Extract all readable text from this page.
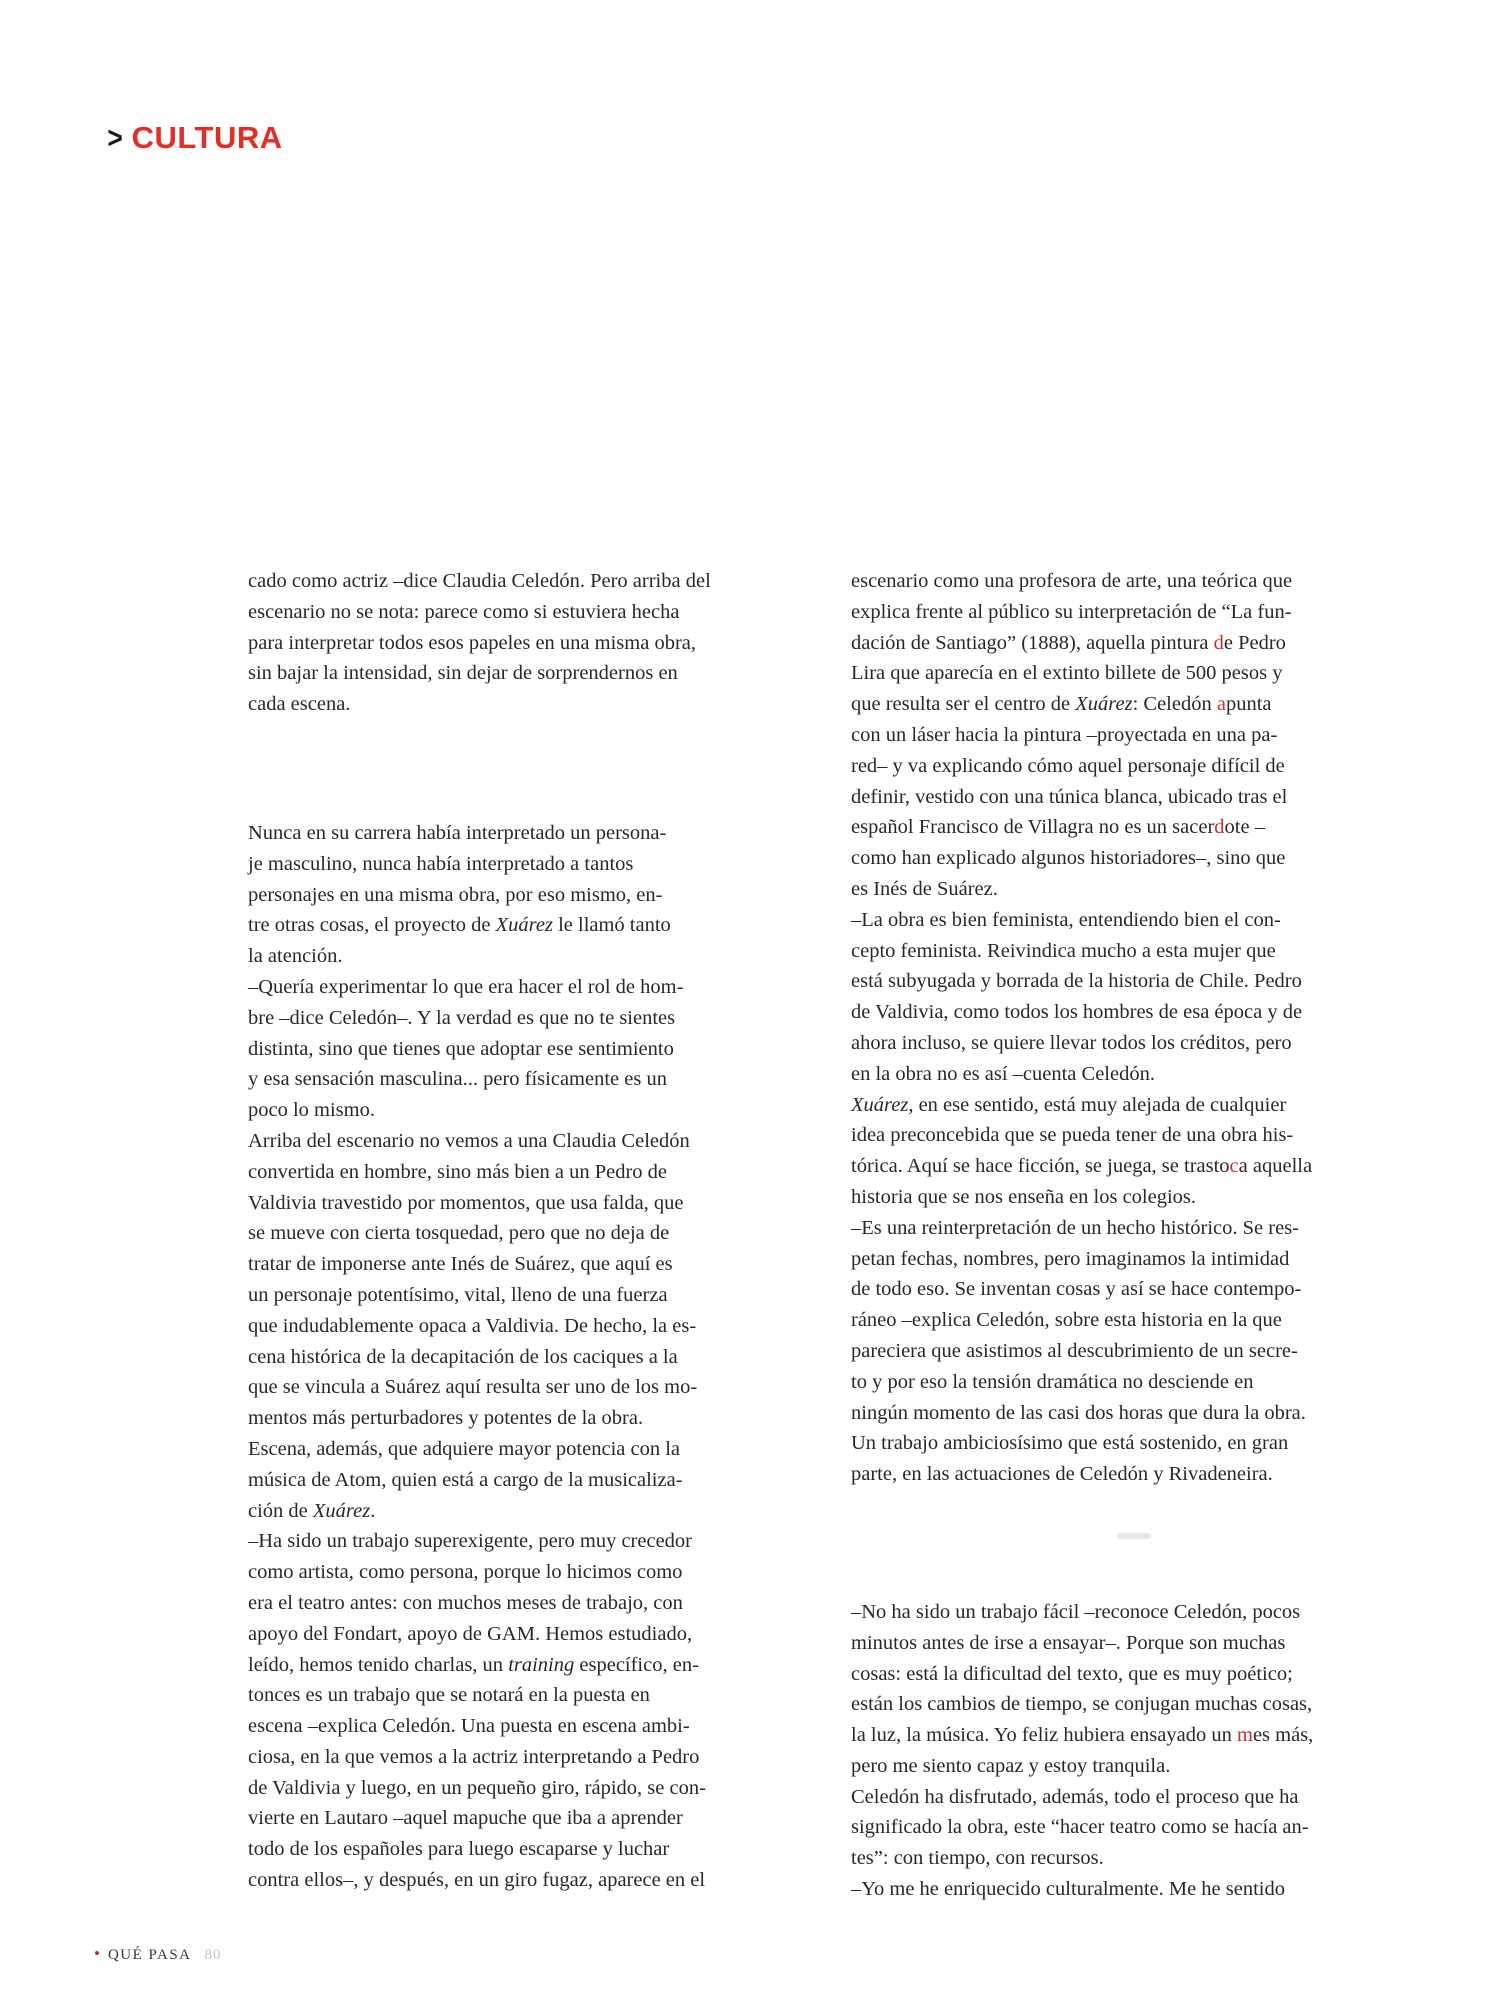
> CULTURA
cado como actriz –dice Claudia Celedón. Pero arriba del
escenario no se nota: parece como si estuviera hecha
para interpretar todos esos papeles en una misma obra,
sin bajar la intensidad, sin dejar de sorprendernos en
cada escena.
Nunca en su carrera había interpretado un persona-
je masculino, nunca había interpretado a tantos
personajes en una misma obra, por eso mismo, en-
tre otras cosas, el proyecto de Xuárez le llamó tanto
la atención.
–Quería experimentar lo que era hacer el rol de hom-
bre –dice Celedón–. Y la verdad es que no te sientes
distinta, sino que tienes que adoptar ese sentimiento
y esa sensación masculina... pero físicamente es un
poco lo mismo.
Arriba del escenario no vemos a una Claudia Celedón
convertida en hombre, sino más bien a un Pedro de
Valdivia travestido por momentos, que usa falda, que
se mueve con cierta tosquedad, pero que no deja de
tratar de imponerse ante Inés de Suárez, que aquí es
un personaje potentísimo, vital, lleno de una fuerza
que indudablemente opaca a Valdivia. De hecho, la es-
cena histórica de la decapitación de los caciques a la
que se vincula a Suárez aquí resulta ser uno de los mo-
mentos más perturbadores y potentes de la obra.
Escena, además, que adquiere mayor potencia con la
música de Atom, quien está a cargo de la musicaliza-
ción de Xuárez.
–Ha sido un trabajo superexigente, pero muy crecedor
como artista, como persona, porque lo hicimos como
era el teatro antes: con muchos meses de trabajo, con
apoyo del Fondart, apoyo de GAM. Hemos estudiado,
leído, hemos tenido charlas, un training específico, en-
tonces es un trabajo que se notará en la puesta en
escena –explica Celedón. Una puesta en escena ambi-
ciosa, en la que vemos a la actriz interpretando a Pedro
de Valdivia y luego, en un pequeño giro, rápido, se con-
vierte en Lautaro –aquel mapuche que iba a aprender
todo de los españoles para luego escaparse y luchar
contra ellos–, y después, en un giro fugaz, aparece en el
escenario como una profesora de arte, una teórica que
explica frente al público su interpretación de “La fun-
dación de Santiago” (1888), aquella pintura de Pedro
Lira que aparecía en el extinto billete de 500 pesos y
que resulta ser el centro de Xuárez: Celedón apunta
con un láser hacia la pintura –proyectada en una pa-
red– y va explicando cómo aquel personaje difícil de
definir, vestido con una túnica blanca, ubicado tras el
español Francisco de Villagra no es un sacerdote –
como han explicado algunos historiadores–, sino que
es Inés de Suárez.
–La obra es bien feminista, entendiendo bien el con-
cepto feminista. Reivindica mucho a esta mujer que
está subyugada y borrada de la historia de Chile. Pedro
de Valdivia, como todos los hombres de esa época y de
ahora incluso, se quiere llevar todos los créditos, pero
en la obra no es así –cuenta Celedón.
Xuárez, en ese sentido, está muy alejada de cualquier
idea preconcebida que se pueda tener de una obra his-
tórica. Aquí se hace ficción, se juega, se trastoca aquella
historia que se nos enseña en los colegios.
–Es una reinterpretación de un hecho histórico. Se res-
petan fechas, nombres, pero imaginamos la intimidad
de todo eso. Se inventan cosas y así se hace contempo-
ráneo –explica Celedón, sobre esta historia en la que
pareciera que asistimos al descubrimiento de un secre-
to y por eso la tensión dramática no desciende en
ningún momento de las casi dos horas que dura la obra.
Un trabajo ambiciosísimo que está sostenido, en gran
parte, en las actuaciones de Celedón y Rivadeneira.
–No ha sido un trabajo fácil –reconoce Celedón, pocos
minutos antes de irse a ensayar–. Porque son muchas
cosas: está la dificultad del texto, que es muy poético;
están los cambios de tiempo, se conjugan muchas cosas,
la luz, la música. Yo feliz hubiera ensayado un mes más,
pero me siento capaz y estoy tranquila.
Celedón ha disfrutado, además, todo el proceso que ha
significado la obra, este “hacer teatro como se hacía an-
tes”: con tiempo, con recursos.
–Yo me he enriquecido culturalmente. Me he sentido
• QUÉ PASA 80
